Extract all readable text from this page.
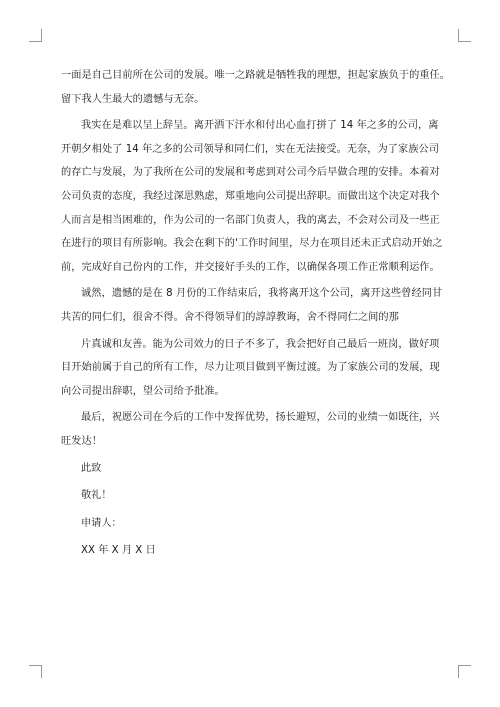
一面是自己目前所在公司的发展。唯一之路就是牺牲我的理想，担起家族负于的重任。
留下我人生最大的遗憾与无奈。

我实在是难以呈上辞呈。离开洒下汗水和付出心血打拼了 14 年之多的公司，离
开朝夕相处了 14 年之多的公司领导和同仁们，实在无法接受。无奈，为了家族公司
的存亡与发展，为了我所在公司的发展和考虑到对公司今后早做合理的安排。本着对
公司负责的态度，我经过深思熟虑，郑重地向公司提出辞职。而做出这个决定对我个
人而言是相当困难的，作为公司的一名部门负责人，我的离去，不会对公司及一些正
在进行的项目有所影响。我会在剩下的'工作时间里，尽力在项目还未正式启动开始之
前，完成好自己份内的工作，并交接好手头的工作，以确保各项工作正常顺利运作。

诚然，遗憾的是在 8 月份的工作结束后，我将离开这个公司，离开这些曾经同甘
共苦的同仁们，很舍不得。舍不得领导们的諄諄教诲，舍不得同仁之间的那

片真诚和友善。能为公司效力的日子不多了，我会把好自己最后一班岗，做好项
目开始前属于自己的所有工作，尽力让项目做到平衡过渡。为了家族公司的发展，现
向公司提出辞职，望公司给予批准。

最后，祝愿公司在今后的工作中发挥优势，扬长避短，公司的业绩一如既往，兴
旺发达！

此致
敬礼！
申请人：
XX 年 X 月 X 日
